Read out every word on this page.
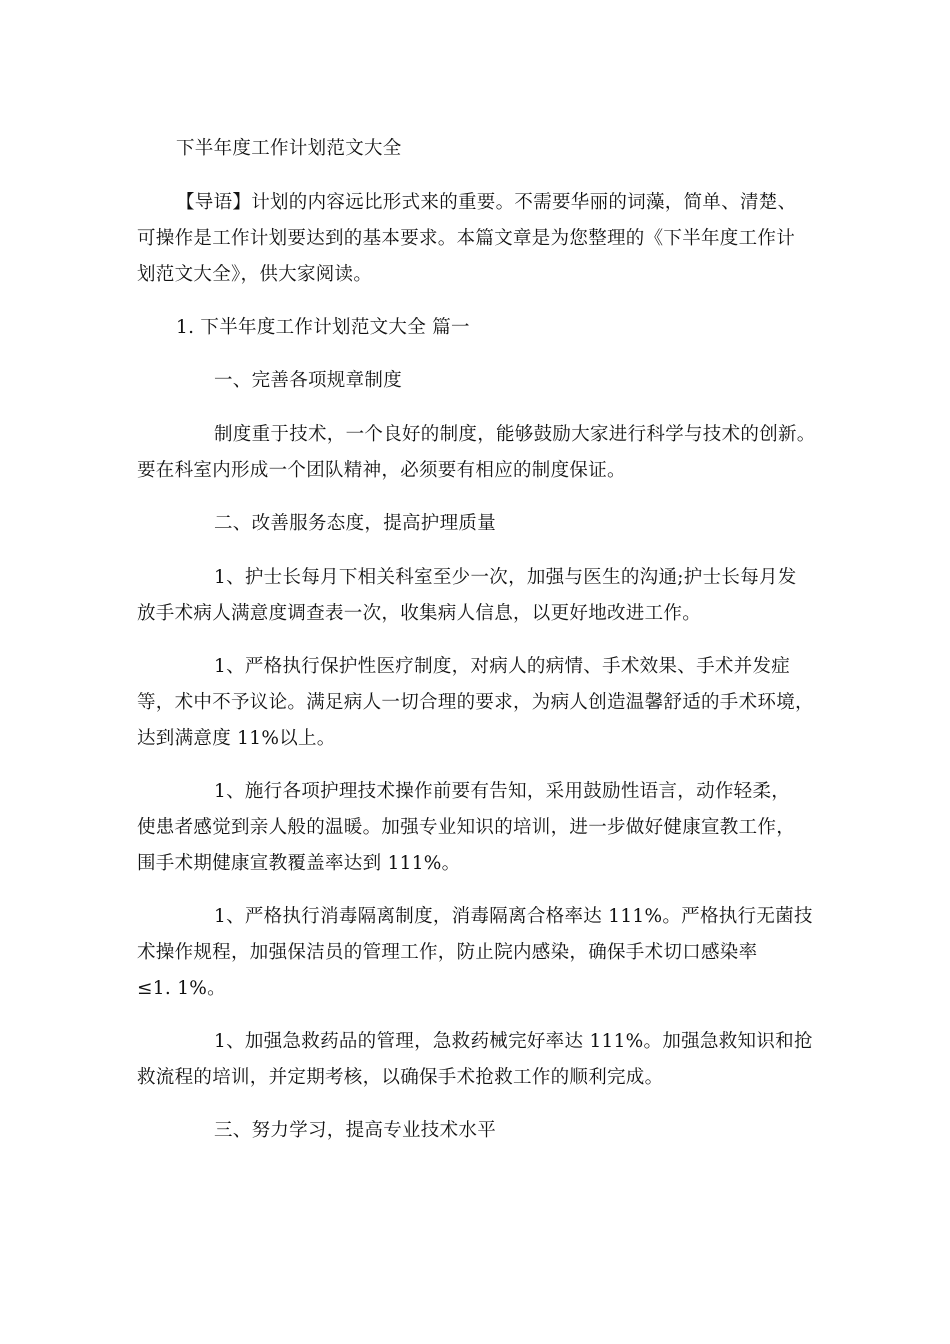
下半年度工作计划范文大全
【导语】计划的内容远比形式来的重要。不需要华丽的词藻，简单、清楚、
可操作是工作计划要达到的基本要求。本篇文章是为您整理的《下半年度工作计
划范文大全》，供大家阅读。
1. 下半年度工作计划范文大全 篇一
一、完善各项规章制度
制度重于技术，一个良好的制度，能够鼓励大家进行科学与技术的创新。
要在科室内形成一个团队精神，必须要有相应的制度保证。
二、改善服务态度，提高护理质量
1、护士长每月下相关科室至少一次，加强与医生的沟通;护士长每月发
放手术病人满意度调查表一次，收集病人信息，以更好地改进工作。
1、严格执行保护性医疗制度，对病人的病情、手术效果、手术并发症
等，术中不予议论。满足病人一切合理的要求，为病人创造温馨舒适的手术环境，
达到满意度 11%以上。
1、施行各项护理技术操作前要有告知，采用鼓励性语言，动作轻柔，
使患者感觉到亲人般的温暖。加强专业知识的培训，进一步做好健康宣教工作，
围手术期健康宣教覆盖率达到 111%。
1、严格执行消毒隔离制度，消毒隔离合格率达 111%。严格执行无菌技
术操作规程，加强保洁员的管理工作，防止院内感染，确保手术切口感染率
≤1. 1%。
1、加强急救药品的管理，急救药械完好率达 111%。加强急救知识和抢
救流程的培训，并定期考核，以确保手术抢救工作的顺利完成。
三、努力学习，提高专业技术水平
